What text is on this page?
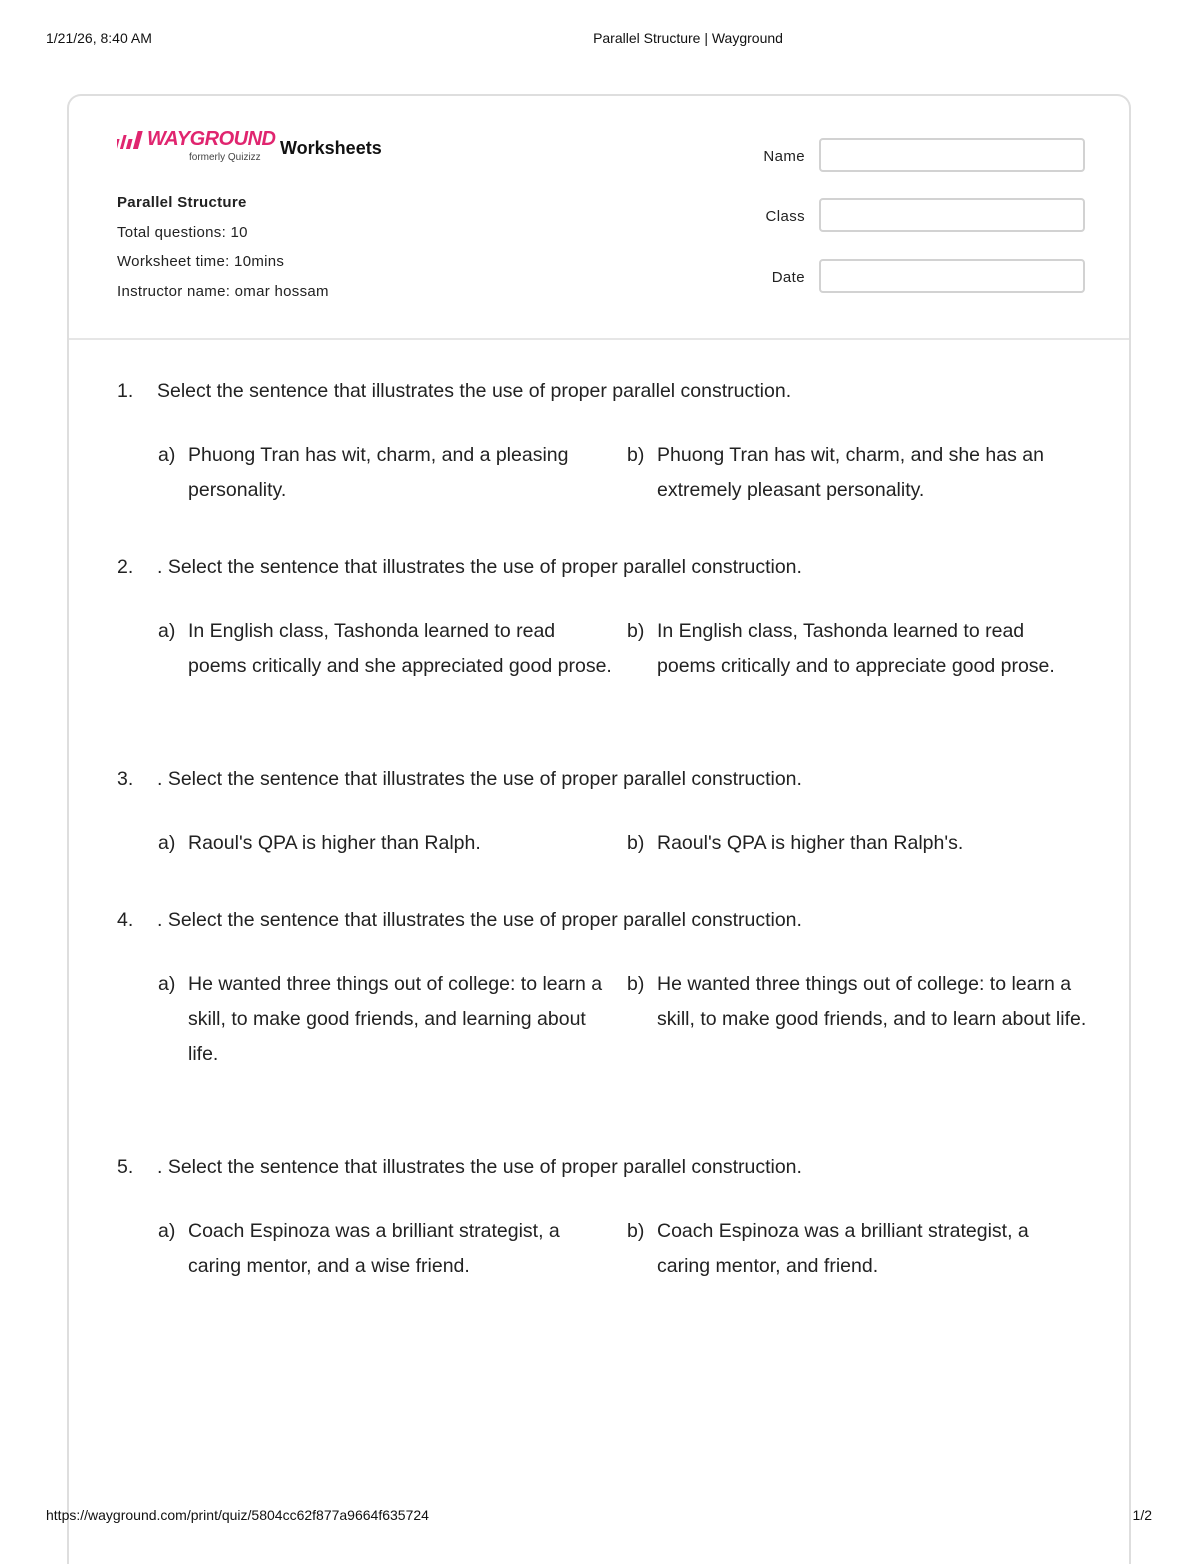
1/21/26, 8:40 AM	Parallel Structure | Wayground
WAYGROUND
formerly Quizizz Worksheets
Parallel Structure
Total questions: 10
Worksheet time: 10mins
Instructor name: omar hossam
Name
Class
Date
1. Select the sentence that illustrates the use of proper parallel construction.
a) Phuong Tran has wit, charm, and a pleasing personality.
b) Phuong Tran has wit, charm, and she has an extremely pleasant personality.
2. . Select the sentence that illustrates the use of proper parallel construction.
a) In English class, Tashonda learned to read poems critically and she appreciated good prose.
b) In English class, Tashonda learned to read poems critically and to appreciate good prose.
3. . Select the sentence that illustrates the use of proper parallel construction.
a) Raoul's QPA is higher than Ralph.	b) Raoul's QPA is higher than Ralph's.
4. . Select the sentence that illustrates the use of proper parallel construction.
a) He wanted three things out of college: to learn a skill, to make good friends, and learning about life.
b) He wanted three things out of college: to learn a skill, to make good friends, and to learn about life.
5. . Select the sentence that illustrates the use of proper parallel construction.
a) Coach Espinoza was a brilliant strategist, a caring mentor, and a wise friend.
b) Coach Espinoza was a brilliant strategist, a caring mentor, and friend.
https://wayground.com/print/quiz/5804cc62f877a9664f635724	1/2
